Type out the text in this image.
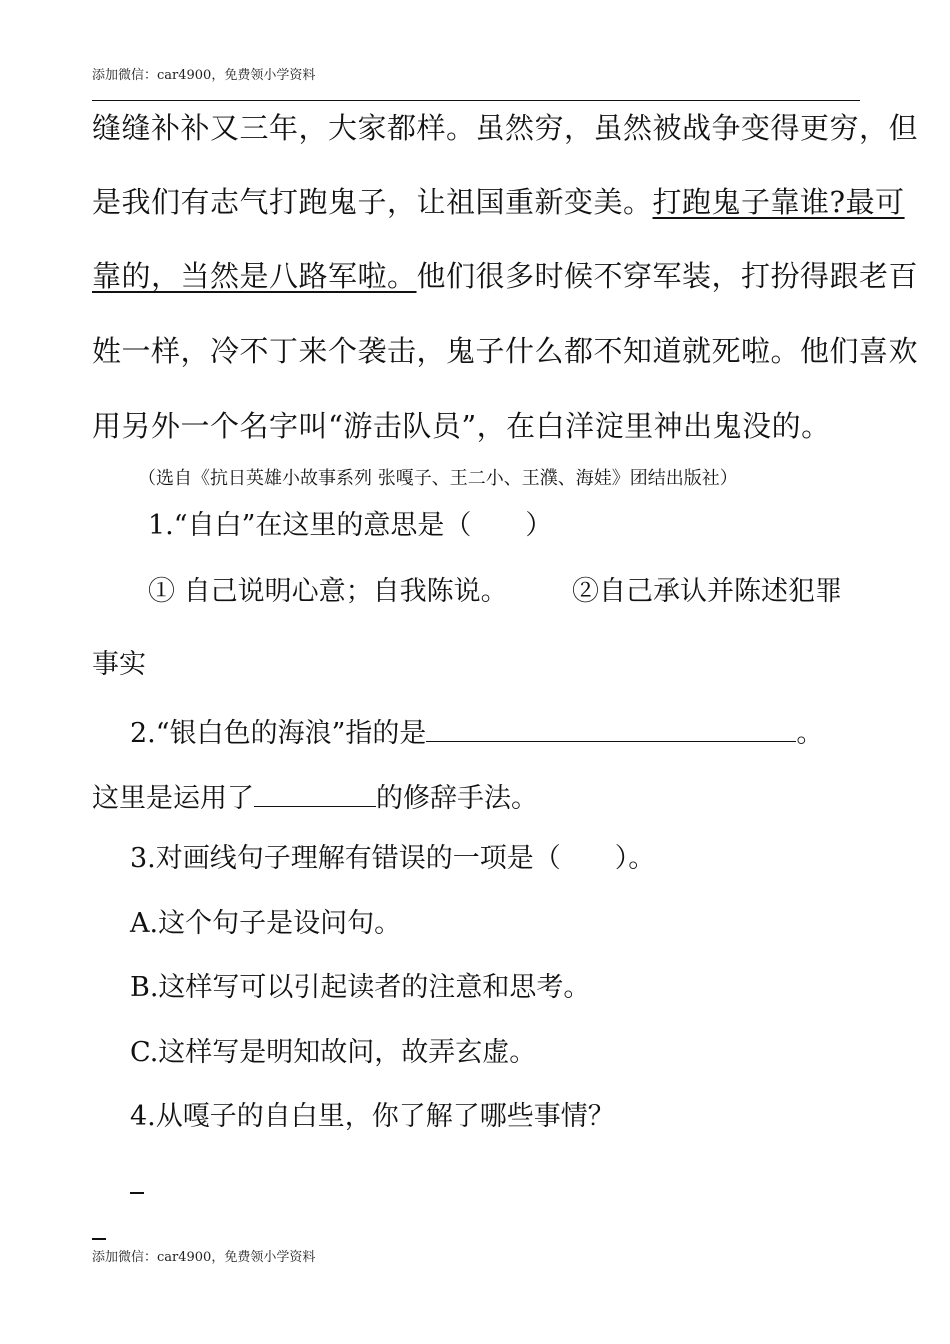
添加微信：car4900，免费领小学资料
缝缝补补又三年，大家都样。虽然穷，虽然被战争变得更穷，但
是我们有志气打跑鬼子，让祖国重新变美。打跑鬼子靠谁?最可
靠的，当然是八路军啦。他们很多时候不穿军装，打扮得跟老百
姓一样，冷不丁来个袭击，鬼子什么都不知道就死啦。他们喜欢
用另外一个名字叫“游击队员”，在白洋淀里神出鬼没的。
（选自《抗日英雄小故事系列 张嘎子、王二小、王濮、海娃》团结出版社）
1.“自白”在这里的意思是（　　）
① 自己说明心意；自我陈说。 ②自己承认并陈述犯罪
事实
2.“银白色的海浪”指的是	。
这里是运用了	的修辞手法。
3.对画线句子理解有错误的一项是（　　）。
A.这个句子是设问句。
B.这样写可以引起读者的注意和思考。
C.这样写是明知故问，故弄玄虚。
4.从嘎子的自白里，你了解了哪些事情？
添加微信：car4900，免费领小学资料
